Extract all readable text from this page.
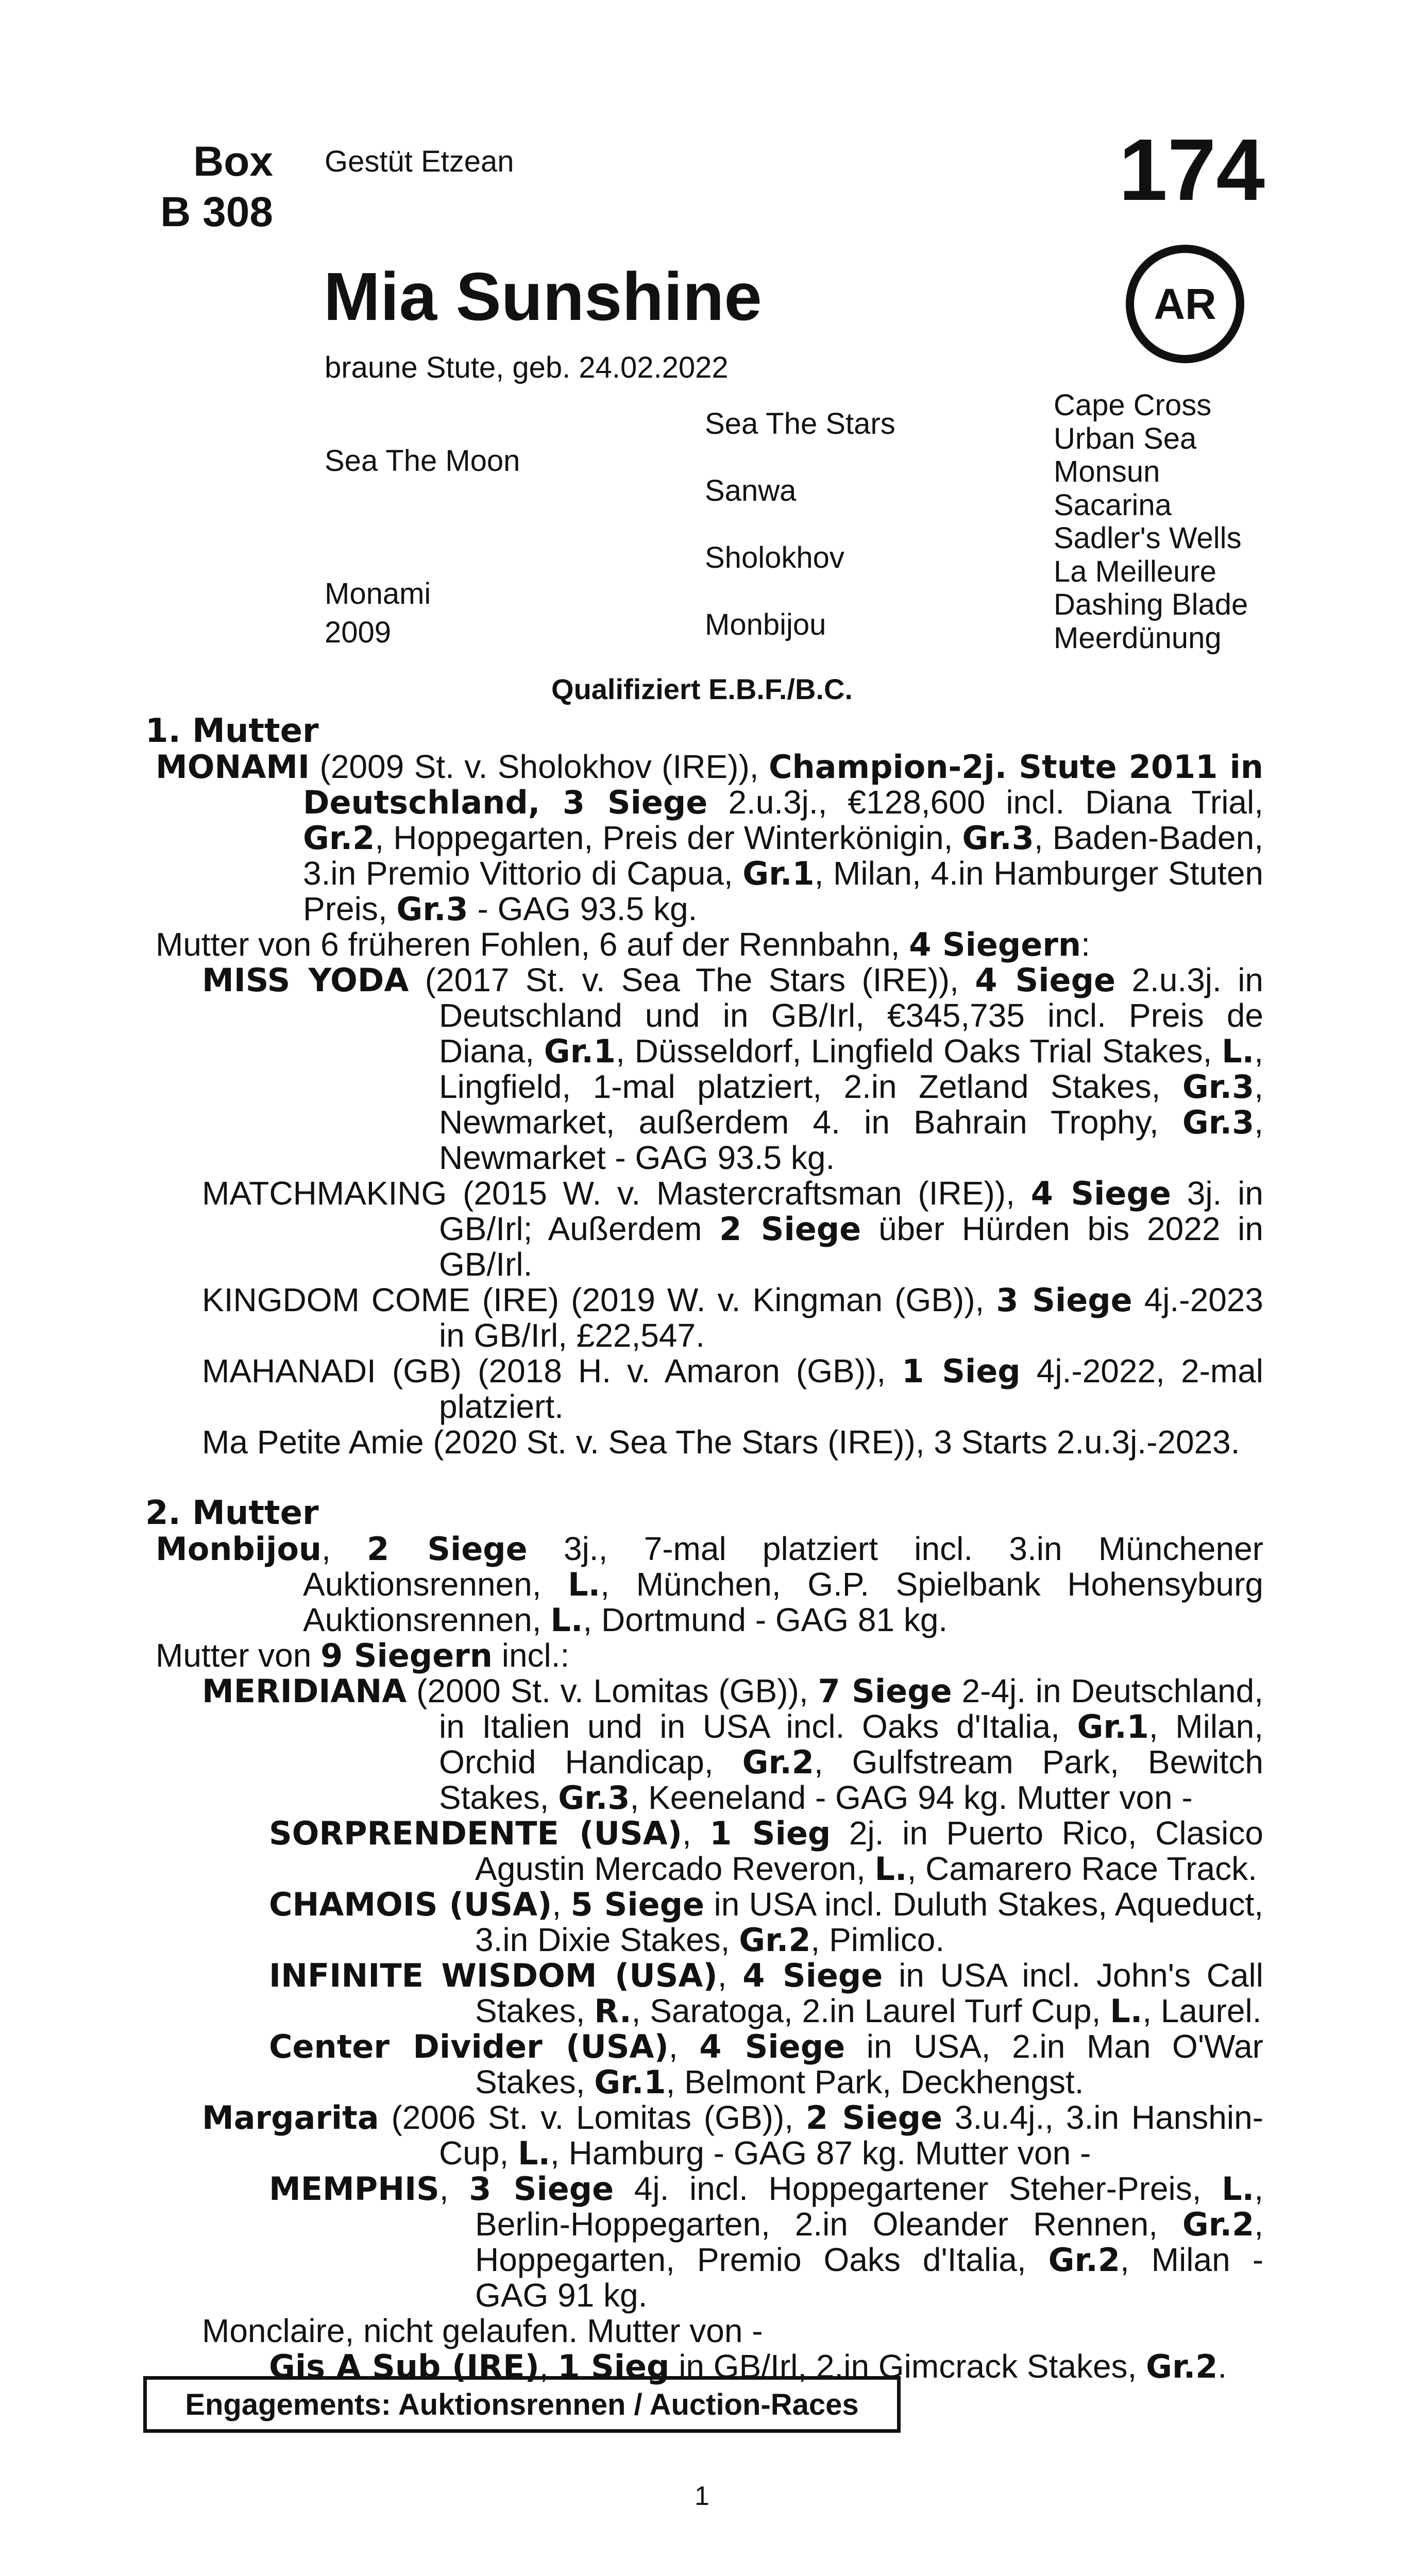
Box
B 308
Gestüt Etzean	174
Mia Sunshine	AR
braune Stute, geb. 24.02.2022
Sea The Moon
Monami
2009
Sea The Stars
Sanwa
Sholokhov
Monbijou
Cape Cross
Urban Sea
Monsun
Sacarina
Sadler's Wells
La Meilleure
Dashing Blade
Meerdünung
Qualifiziert E.B.F./B.C.

1. Mutter

MONAMI (2009 St. v. Sholokhov (IRE)), Champion-2j. Stute 2011 in Deutschland, 3 Siege 2.u.3j., €128,600 incl. Diana Trial, Gr.2, Hoppegarten, Preis der Winterkönigin, Gr.3, Baden-Baden, 3.in Premio Vittorio di Capua, Gr.1, Milan, 4.in Hamburger Stuten Preis, Gr.3 - GAG 93.5 kg.

Mutter von 6 früheren Fohlen, 6 auf der Rennbahn, 4 Siegern:

MISS YODA (2017 St. v. Sea The Stars (IRE)), 4 Siege 2.u.3j. in Deutschland und in GB/Irl, €345,735 incl. Preis de Diana, Gr.1, Düsseldorf, Lingfield Oaks Trial Stakes, L., Lingfield, 1-mal platziert, 2.in Zetland Stakes, Gr.3, Newmarket, außerdem 4. in Bahrain Trophy, Gr.3, Newmarket - GAG 93.5 kg.

MATCHMAKING (2015 W. v. Mastercraftsman (IRE)), 4 Siege 3j. in GB/Irl; Außerdem 2 Siege über Hürden bis 2022 in GB/Irl.

KINGDOM COME (IRE) (2019 W. v. Kingman (GB)), 3 Siege 4j.-2023 in GB/Irl, £22,547.

MAHANADI (GB) (2018 H. v. Amaron (GB)), 1 Sieg 4j.-2022, 2-mal platziert.

Ma Petite Amie (2020 St. v. Sea The Stars (IRE)), 3 Starts 2.u.3j.-2023.

2. Mutter

Monbijou, 2 Siege 3j., 7-mal platziert incl. 3.in Münchener Auktionsrennen, L., München, G.P. Spielbank Hohensyburg Auktionsrennen, L., Dortmund - GAG 81 kg.

Mutter von 9 Siegern incl.:

MERIDIANA (2000 St. v. Lomitas (GB)), 7 Siege 2-4j. in Deutschland, in Italien und in USA incl. Oaks d'Italia, Gr.1, Milan, Orchid Handicap, Gr.2, Gulfstream Park, Bewitch Stakes, Gr.3, Keeneland - GAG 94 kg. Mutter von -

SORPRENDENTE (USA), 1 Sieg 2j. in Puerto Rico, Clasico Agustin Mercado Reveron, L., Camarero Race Track.

CHAMOIS (USA), 5 Siege in USA incl. Duluth Stakes, Aqueduct, 3.in Dixie Stakes, Gr.2, Pimlico.

INFINITE WISDOM (USA), 4 Siege in USA incl. John's Call Stakes, R., Saratoga, 2.in Laurel Turf Cup, L., Laurel.

Center Divider (USA), 4 Siege in USA, 2.in Man O'War Stakes, Gr.1, Belmont Park, Deckhengst.

Margarita (2006 St. v. Lomitas (GB)), 2 Siege 3.u.4j., 3.in Hanshin-Cup, L., Hamburg - GAG 87 kg. Mutter von -

MEMPHIS, 3 Siege 4j. incl. Hoppegartener Steher-Preis, L., Berlin-Hoppegarten, 2.in Oleander Rennen, Gr.2, Hoppegarten, Premio Oaks d'Italia, Gr.2, Milan - GAG 91 kg.

Monclaire, nicht gelaufen. Mutter von -

Gis A Sub (IRE), 1 Sieg in GB/Irl, 2.in Gimcrack Stakes, Gr.2.

Engagements: Auktionsrennen / Auction-Races
1
